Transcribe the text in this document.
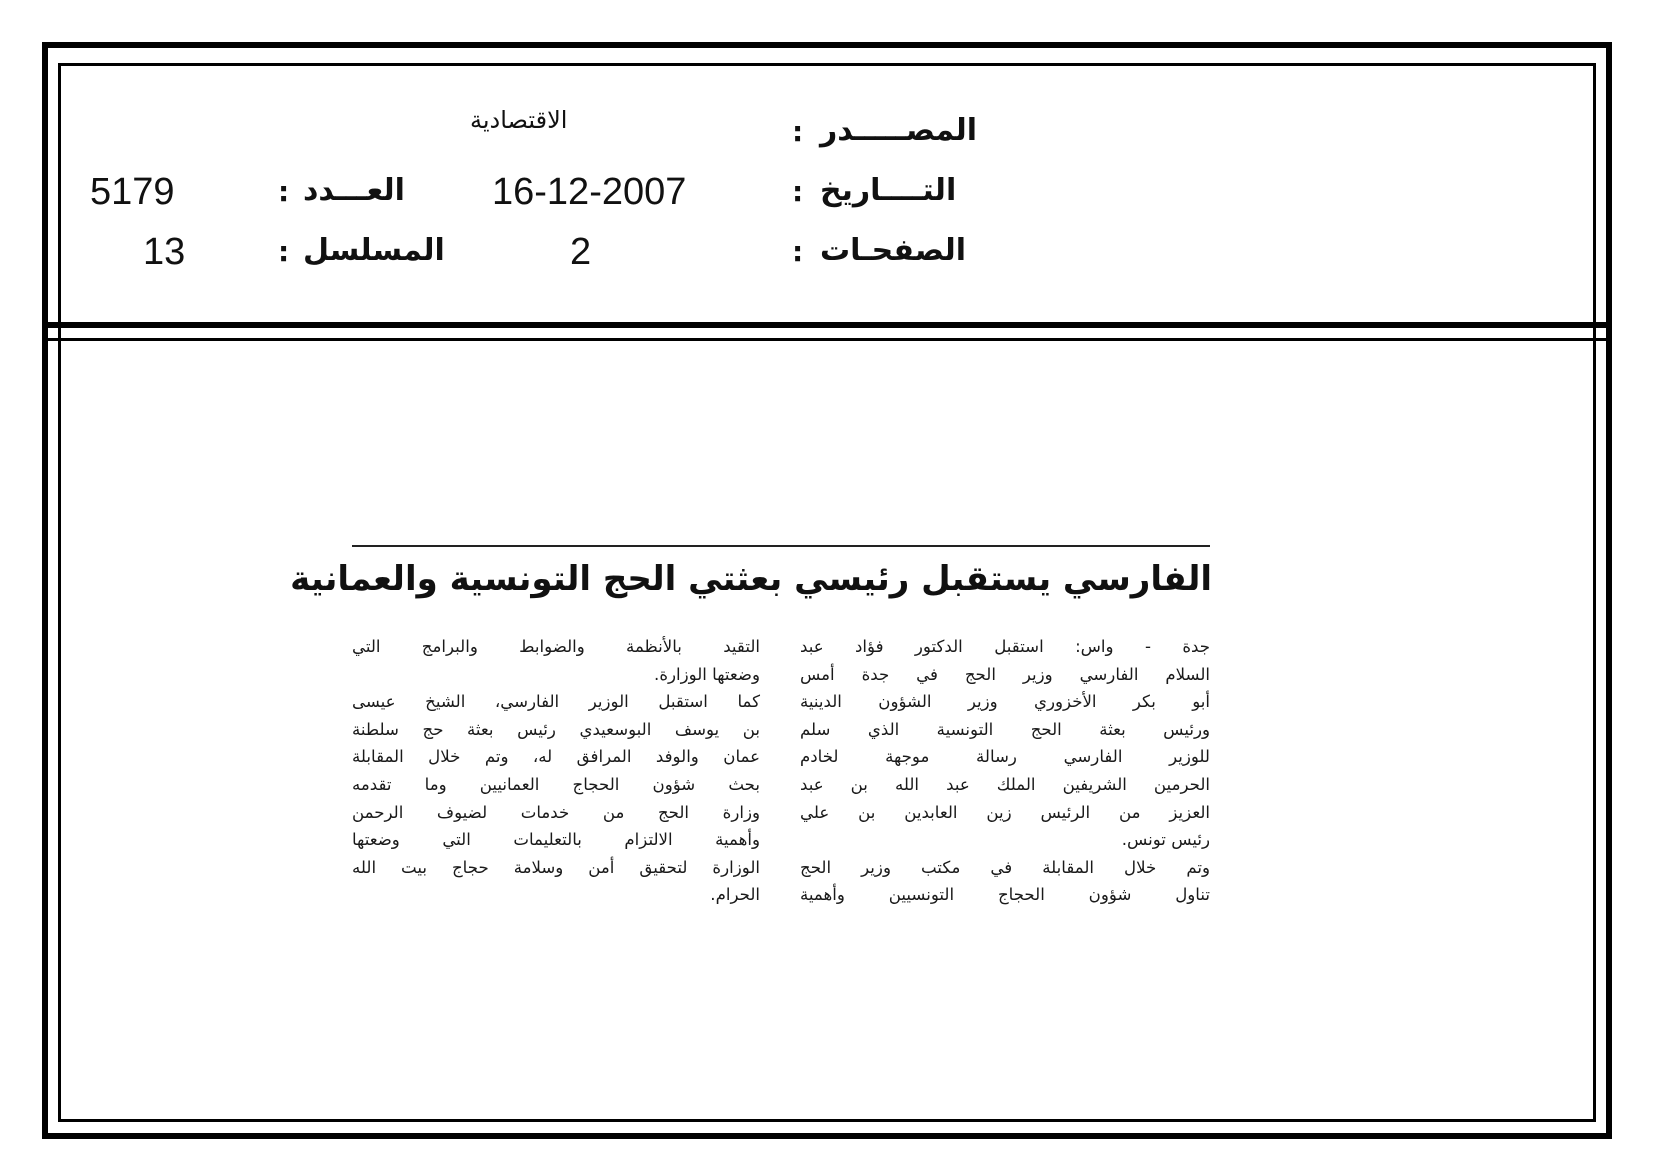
المصـــــدر
:
الاقتصادية
التــــاريخ
:
16-12-2007
العـــدد
:
5179
الصفحـات
:
2
المسلسل
:
13
الفارسي يستقبل رئيسي بعثتي الحج التونسية والعمانية
جدة - واس: استقبل الدكتور فؤاد عبد
السلام الفارسي وزير الحج في جدة أمس
أبو بكر الأخزوري وزير الشؤون الدينية
ورئيس بعثة الحج التونسية الذي سلم
للوزير الفارسي رسالة موجهة لخادم
الحرمين الشريفين الملك عبد الله بن عبد
العزيز من الرئيس زين العابدين بن علي
رئيس تونس.
وتم خلال المقابلة في مكتب وزير الحج
تناول شؤون الحجاج التونسيين وأهمية
التقيد بالأنظمة والضوابط والبرامج التي
وضعتها الوزارة.
كما استقبل الوزير الفارسي، الشيخ عيسى
بن يوسف البوسعيدي رئيس بعثة حج سلطنة
عمان والوفد المرافق له، وتم خلال المقابلة
بحث شؤون الحجاج العمانيين وما تقدمه
وزارة الحج من خدمات لضيوف الرحمن
وأهمية الالتزام بالتعليمات التي وضعتها
الوزارة لتحقيق أمن وسلامة حجاج بيت الله
الحرام.
